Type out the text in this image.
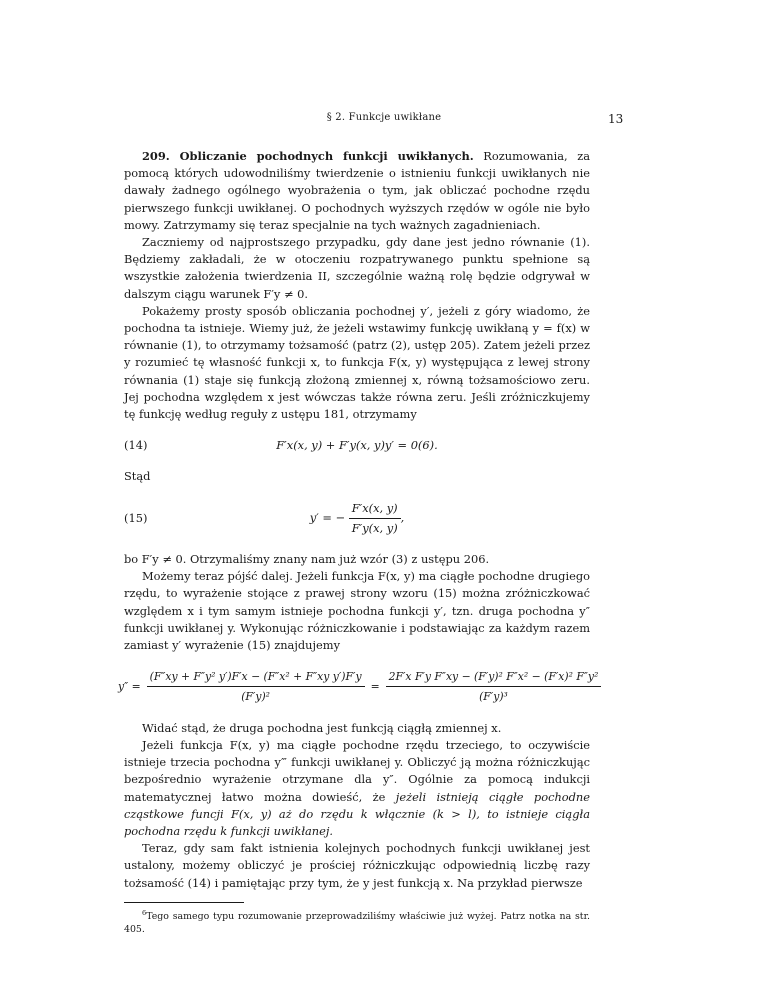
§ 2. Funkcje uwikłane	13

209. Obliczanie pochodnych funkcji uwikłanych. Rozumowania, za pomocą których udowodniliśmy twierdzenie o istnieniu funkcji uwikłanych nie dawały żadnego ogólnego wyobrażenia o tym, jak obliczać pochodne rzędu pierwszego funkcji uwikłanej. O pochodnych wyższych rzędów w ogóle nie było mowy. Zatrzymamy się teraz specjalnie na tych ważnych zagadnieniach.

Zaczniemy od najprostszego przypadku, gdy dane jest jedno równanie (1). Będziemy zakładali, że w otoczeniu rozpatrywanego punktu spełnione są wszystkie założenia twierdzenia II, szczególnie ważną rolę będzie odgrywał w dalszym ciągu warunek F′y ≠ 0.

Pokażemy prosty sposób obliczania pochodnej y′, jeżeli z góry wiadomo, że pochodna ta istnieje. Wiemy już, że jeżeli wstawimy funkcję uwikłaną y = f(x) w równanie (1), to otrzymamy tożsamość (patrz (2), ustęp 205). Zatem jeżeli przez y rozumieć tę własność funkcji x, to funkcja F(x, y) występująca z lewej strony równania (1) staje się funkcją złożoną zmiennej x, równą tożsamościowo zeru. Jej pochodna względem x jest wówczas także równa zeru. Jeśli zróżniczkujemy tę funkcję według reguły z ustępu 181, otrzymamy

(14)	F′x(x, y) + F′y(x, y)y′ = 0(6).

Stąd

(15)	y′ = − $\frac{F'x(x, y)}{F'y(x, y)}$ ,

bo F′y ≠ 0. Otrzymaliśmy znany nam już wzór (3) z ustępu 206.

Możemy teraz pójść dalej. Jeżeli funkcja F(x, y) ma ciągłe pochodne drugiego rzędu, to wyrażenie stojące z prawej strony wzoru (15) można zróżniczkować względem x i tym samym istnieje pochodna funkcji y′, tzn. druga pochodna y″ funkcji uwikłanej y. Wykonując różniczkowanie i podstawiając za każdym razem zamiast y′ wyrażenie (15) znajdujemy

$y'' = \frac{\text{(F″xy + F″y² y′)F′x − (F″x² + F″xy y′)F′y}}{\text{(F′y)²}} = \frac{\text{2F′x F′y F″xy − (F′y)² F″x² − (F′x)² F″y²}}{\text{(F′y)³}}$

Widać stąd, że druga pochodna jest funkcją ciągłą zmiennej x.

Jeżeli funkcja F(x, y) ma ciągłe pochodne rzędu trzeciego, to oczywiście istnieje trzecia pochodna y‴ funkcji uwikłanej y. Obliczyć ją można różniczkując bezpośrednio wyrażenie otrzymane dla y″. Ogólnie za pomocą indukcji matematycznej łatwo można dowieść, że jeżeli istnieją ciągłe pochodne cząstkowe funcji F(x, y) aż do rzędu k włącznie (k > l), to istnieje ciągła pochodna rzędu k funkcji uwikłanej.

Teraz, gdy sam fakt istnienia kolejnych pochodnych funkcji uwikłanej jest ustalony, możemy obliczyć je prościej różniczkując odpowiednią liczbę razy tożsamość (14) i pamiętając przy tym, że y jest funkcją x. Na przykład pierwsze

$^6$Tego samego typu rozumowanie przeprowadziliśmy właściwie już wyżej. Patrz notka na str. 405.
